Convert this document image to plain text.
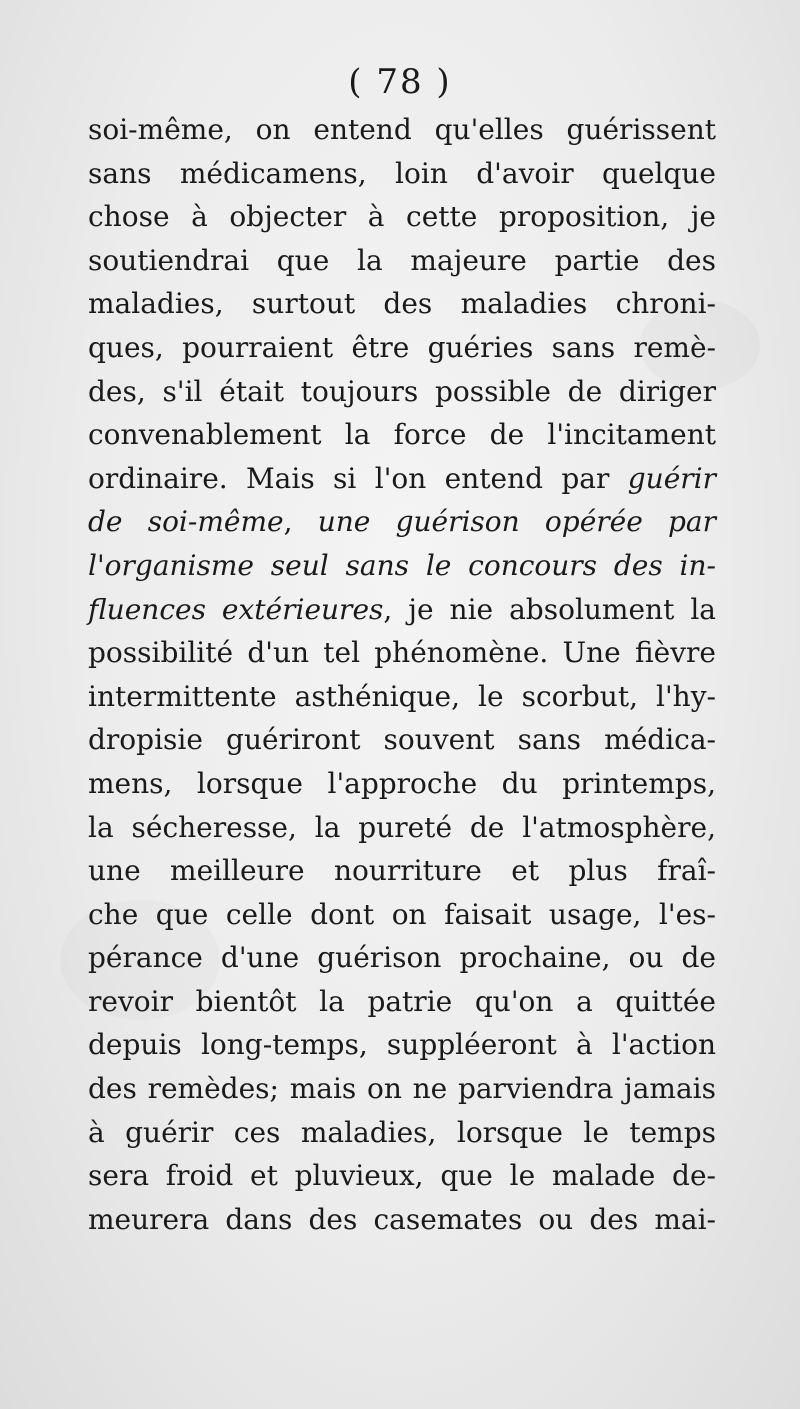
( 78 )
soi-même, on entend qu'elles guérissent
sans médicamens, loin d'avoir quelque
chose à objecter à cette proposition, je
soutiendrai que la majeure partie des
maladies, surtout des maladies chroni-
ques, pourraient être guéries sans remè-
des, s'il était toujours possible de diriger
convenablement la force de l'incitament
ordinaire. Mais si l'on entend par guérir
de soi-même, une guérison opérée par
l'organisme seul sans le concours des in-
fluences extérieures, je nie absolument la
possibilité d'un tel phénomène. Une fièvre
intermittente asthénique, le scorbut, l'hy-
dropisie guériront souvent sans médica-
mens, lorsque l'approche du printemps,
la sécheresse, la pureté de l'atmosphère,
une meilleure nourriture et plus fraî-
che que celle dont on faisait usage, l'es-
pérance d'une guérison prochaine, ou de
revoir bientôt la patrie qu'on a quittée
depuis long-temps, suppléeront à l'action
des remèdes; mais on ne parviendra jamais
à guérir ces maladies, lorsque le temps
sera froid et pluvieux, que le malade de-
meurera dans des casemates ou des mai-
